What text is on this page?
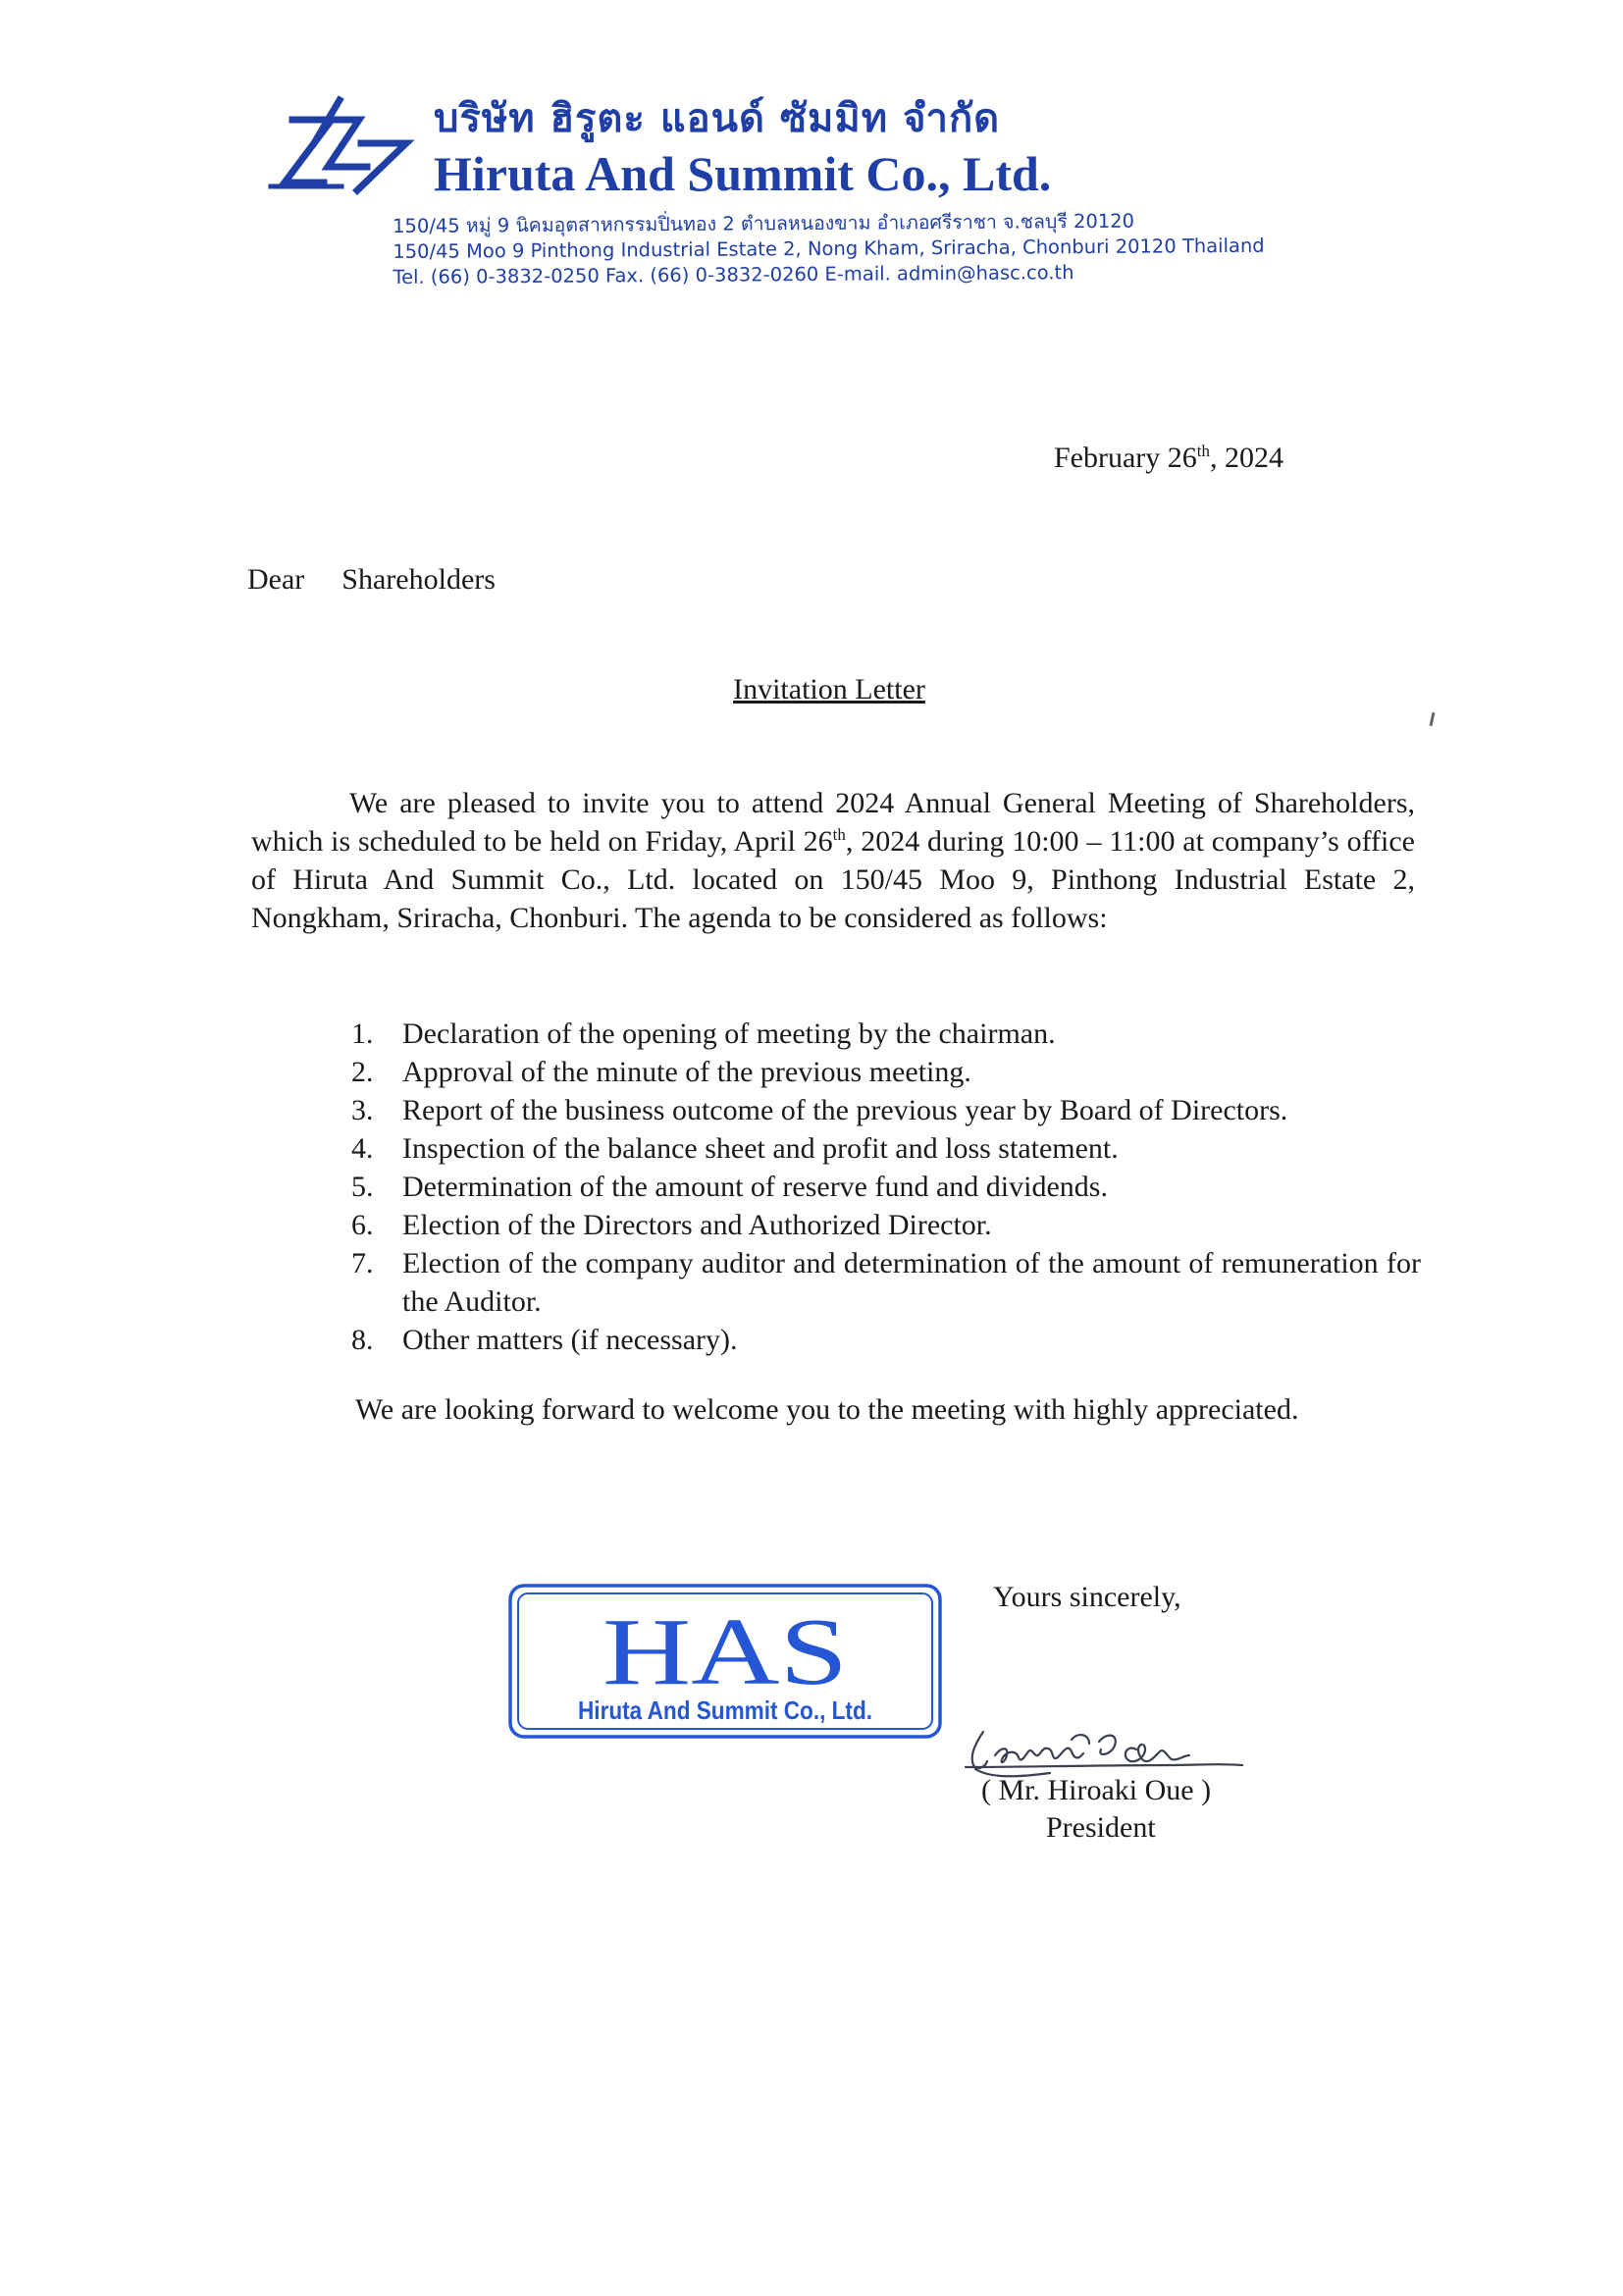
บริษัท ฮิรูตะ แอนด์ ซัมมิท จำกัด
Hiruta And Summit Co., Ltd.
150/45 หมู่ 9 นิคมอุตสาหกรรมปิ่นทอง 2 ตำบลหนองขาม อำเภอศรีราชา จ.ชลบุรี 20120
150/45 Moo 9 Pinthong Industrial Estate 2, Nong Kham, Sriracha, Chonburi 20120 Thailand
Tel. (66) 0-3832-0250 Fax. (66) 0-3832-0260 E-mail. admin@hasc.co.th
February 26th, 2024
Dear Shareholders
Invitation Letter
We are pleased to invite you to attend 2024 Annual General Meeting of Shareholders, which is scheduled to be held on Friday, April 26th, 2024 during 10:00 – 11:00 at company’s office of Hiruta And Summit Co., Ltd. located on 150/45 Moo 9, Pinthong Industrial Estate 2, Nongkham, Sriracha, Chonburi. The agenda to be considered as follows:
1. Declaration of the opening of meeting by the chairman.
2. Approval of the minute of the previous meeting.
3. Report of the business outcome of the previous year by Board of Directors.
4. Inspection of the balance sheet and profit and loss statement.
5. Determination of the amount of reserve fund and dividends.
6. Election of the Directors and Authorized Director.
7. Election of the company auditor and determination of the amount of remuneration for the Auditor.
8. Other matters (if necessary).
We are looking forward to welcome you to the meeting with highly appreciated.
HAS
Hiruta And Summit Co., Ltd.
Yours sincerely,
( Mr. Hiroaki Oue )
President
